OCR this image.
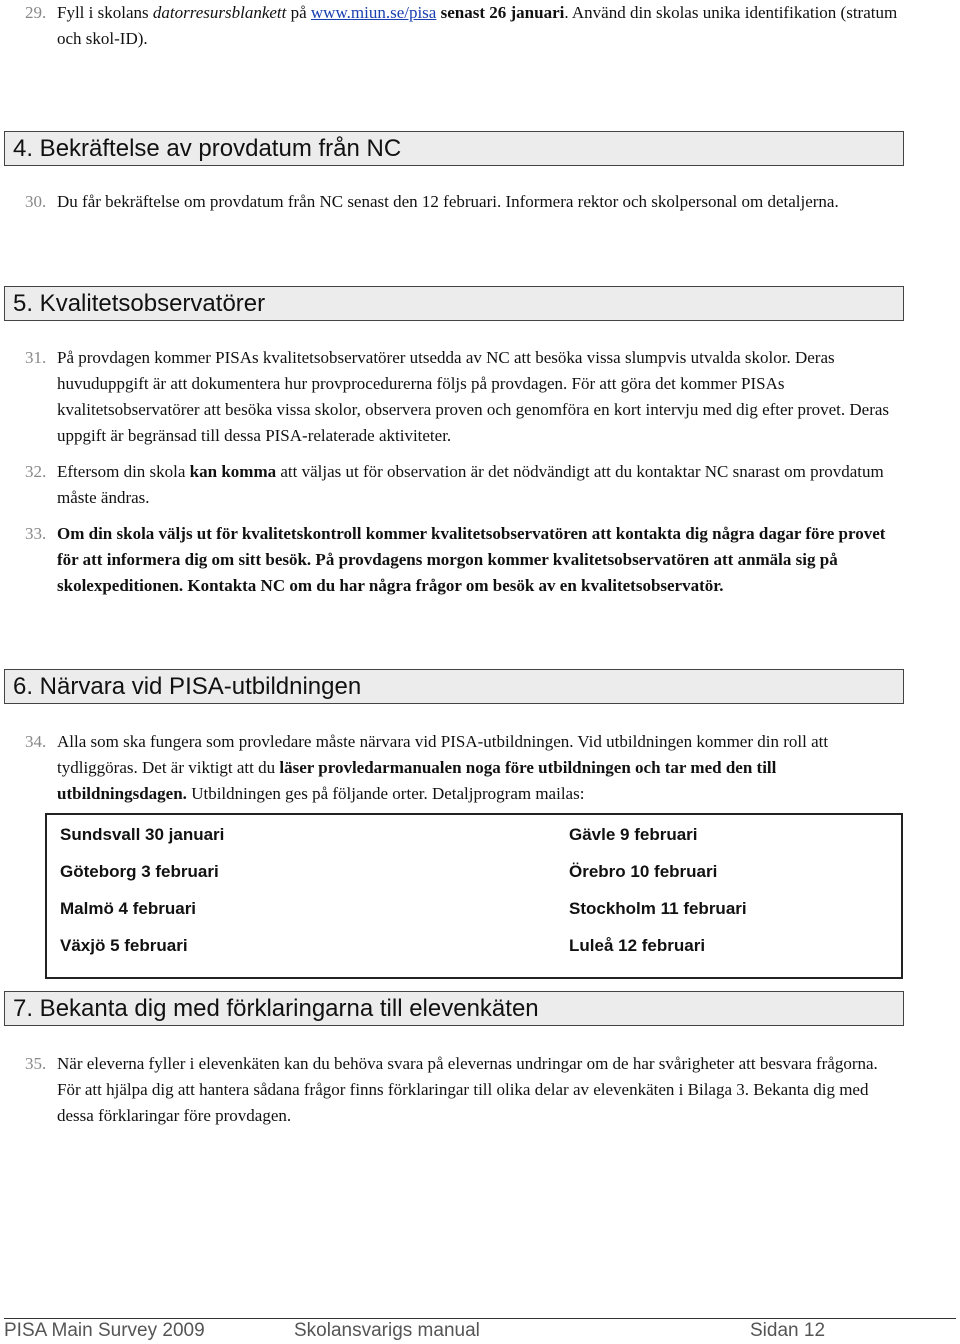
29. Fyll i skolans datorresursblankett på www.miun.se/pisa senast 26 januari. Använd din skolas unika identifikation (stratum och skol-ID).
4. Bekräftelse av provdatum från NC
30. Du får bekräftelse om provdatum från NC senast den 12 februari. Informera rektor och skolpersonal om detaljerna.
5. Kvalitetsobservatörer
31. På provdagen kommer PISAs kvalitetsobservatörer utsedda av NC att besöka vissa slumpvis utvalda skolor. Deras huvuduppgift är att dokumentera hur provprocedurerna följs på provdagen. För att göra det kommer PISAs kvalitetsobservatörer att besöka vissa skolor, observera proven och genomföra en kort intervju med dig efter provet. Deras uppgift är begränsad till dessa PISA-relaterade aktiviteter.
32. Eftersom din skola kan komma att väljas ut för observation är det nödvändigt att du kontaktar NC snarast om provdatum måste ändras.
33. Om din skola väljs ut för kvalitetskontroll kommer kvalitetsobservatören att kontakta dig några dagar före provet för att informera dig om sitt besök. På provdagens morgon kommer kvalitetsobservatören att anmäla sig på skolexpeditionen. Kontakta NC om du har några frågor om besök av en kvalitetsobservatör.
6. Närvara vid PISA-utbildningen
34. Alla som ska fungera som provledare måste närvara vid PISA-utbildningen. Vid utbildningen kommer din roll att tydliggöras. Det är viktigt att du läser provledarmanualen noga före utbildningen och tar med den till utbildningsdagen. Utbildningen ges på följande orter. Detaljprogram mailas:
Sundsvall 30 januari
Göteborg 3 februari
Malmö 4 februari
Växjö 5 februari
Gävle 9 februari
Örebro 10 februari
Stockholm 11 februari
Luleå 12 februari
7. Bekanta dig med förklaringarna till elevenkäten
35. När eleverna fyller i elevenkäten kan du behöva svara på elevernas undringar om de har svårigheter att besvara frågorna. För att hjälpa dig att hantera sådana frågor finns förklaringar till olika delar av elevenkäten i Bilaga 3. Bekanta dig med dessa förklaringar före provdagen.
PISA Main Survey 2009	Skolansvarigs manual	Sidan 12
